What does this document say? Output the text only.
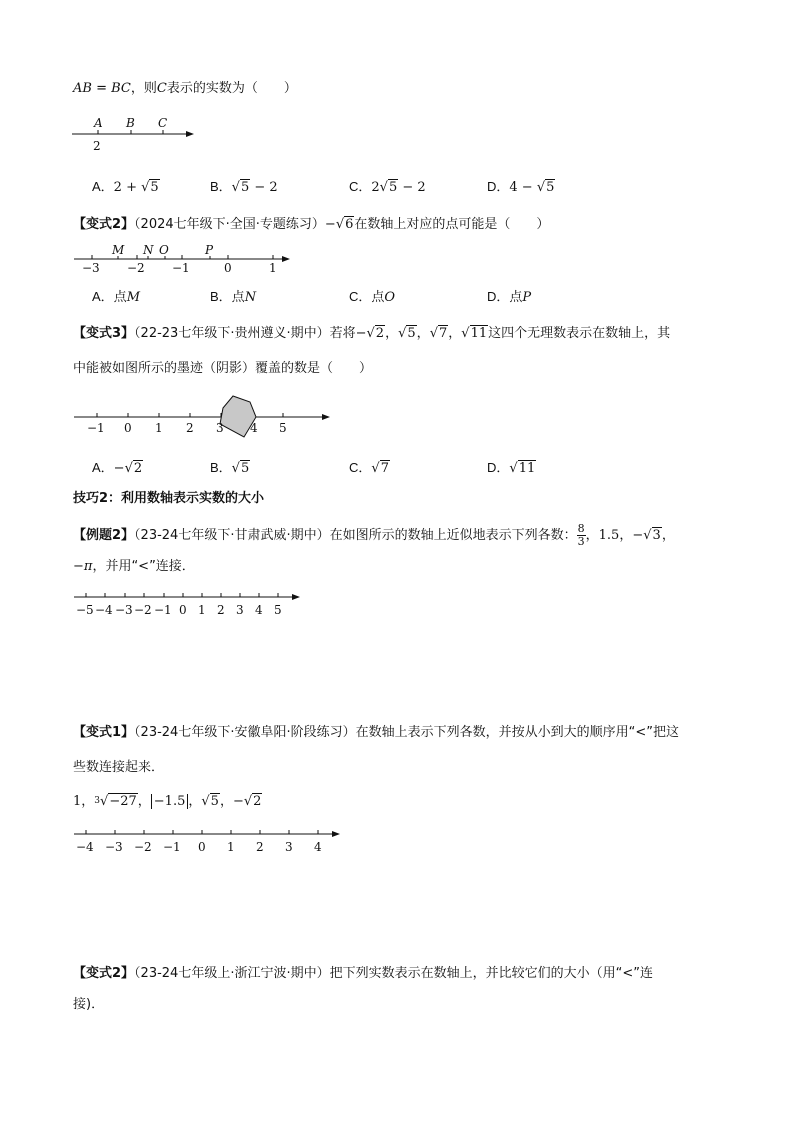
AB = BC，则C表示的实数为（　　）
A B C
2
A．2 + √5	B．√5 − 2	C．2√5 − 2	D．4 − √5
【变式2】（2024七年级下·全国·专题练习）−√6在数轴上对应的点可能是（　　）
M N O	P
−3 −2 −1	0	1
A．点M	B．点N	C．点O	D．点P
【变式3】（22-23七年级下·贵州遵义·期中）若将−√2，√5，√7，√11这四个无理数表示在数轴上，其
中能被如图所示的墨迹（阴影）覆盖的数是（　　）
−1 0 1 2 3 4 5
A．−√2	B．√5	C．√7	D．√11
技巧2：利用数轴表示实数的大小
【例题2】（23-24七年级下·甘肃武威·期中）在如图所示的数轴上近似地表示下列各数： $\frac{8}{3}$ ，1.5，−√3，
−π，并用“<”连接．
−5 −4 −3 −2 −1 0 1 2 3 4 5
【变式1】（23-24七年级下·安徽阜阳·阶段练习）在数轴上表示下列各数，并按从小到大的顺序用“<”把这
些数连接起来．
1，$^3$√−27， −1.5 ，√5，−√2
−4 −3 −2 −1 0 1 2 3 4
【变式2】（23-24七年级上·浙江宁波·期中）把下列实数表示在数轴上，并比较它们的大小（用“<”连
接)．
